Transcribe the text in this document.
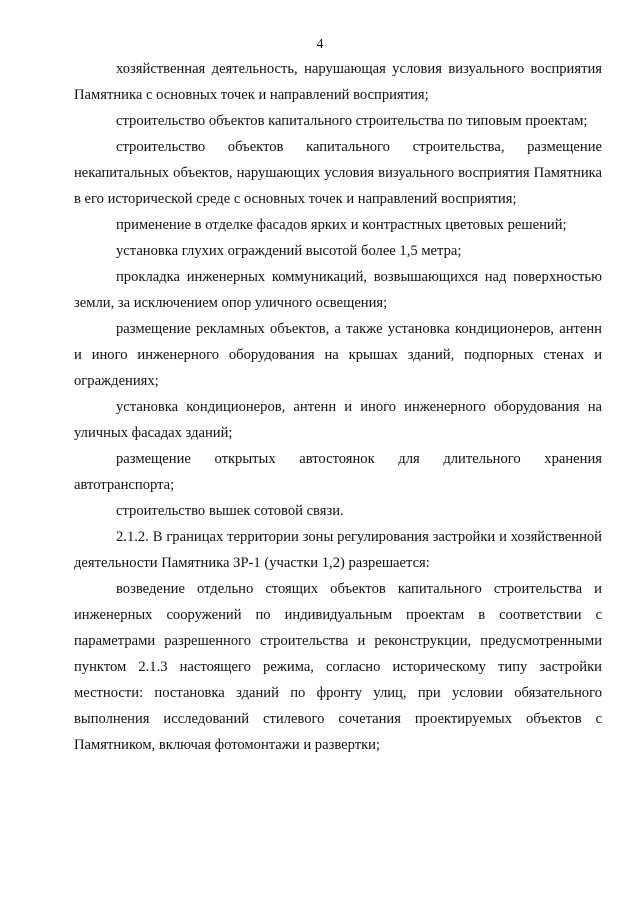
4

хозяйственная деятельность, нарушающая условия визуального восприятия Памятника с основных точек и направлений восприятия;

строительство объектов капитального строительства по типовым проектам;

строительство объектов капитального строительства, размещение некапитальных объектов, нарушающих условия визуального восприятия Памятника в его исторической среде с основных точек и направлений восприятия;

применение в отделке фасадов ярких и контрастных цветовых решений;

установка глухих ограждений высотой более 1,5 метра;

прокладка инженерных коммуникаций, возвышающихся над поверхностью земли, за исключением опор уличного освещения;

размещение рекламных объектов, а также установка кондиционеров, антенн и иного инженерного оборудования на крышах зданий, подпорных стенах и ограждениях;

установка кондиционеров, антенн и иного инженерного оборудования на уличных фасадах зданий;

размещение открытых автостоянок для длительного хранения автотранспорта;

строительство вышек сотовой связи.

2.1.2. В границах территории зоны регулирования застройки и хозяйственной деятельности Памятника ЗР-1 (участки 1,2) разрешается:

возведение отдельно стоящих объектов капитального строительства и инженерных сооружений по индивидуальным проектам в соответствии с параметрами разрешенного строительства и реконструкции, предусмотренными пунктом 2.1.3 настоящего режима, согласно историческому типу застройки местности: постановка зданий по фронту улиц, при условии обязательного выполнения исследований стилевого сочетания проектируемых объектов с Памятником, включая фотомонтажи и развертки;
